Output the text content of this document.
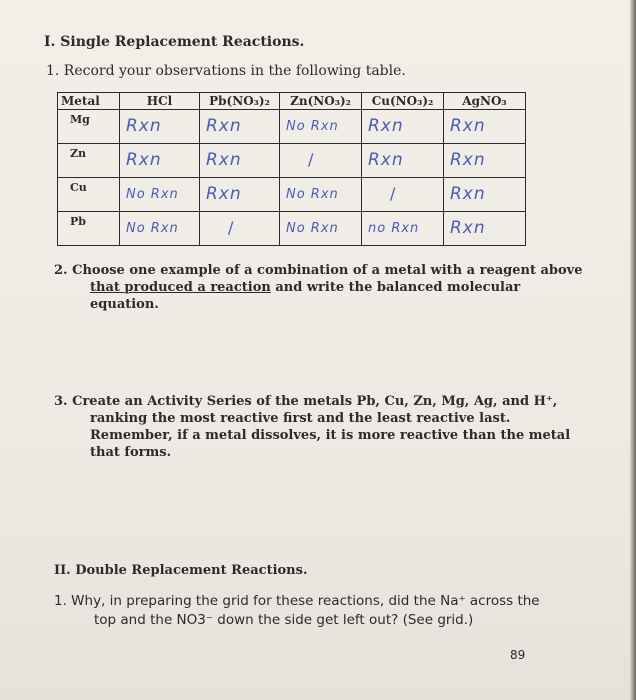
I. Single Replacement Reactions.
1. Record your observations in the following table.
Metal	HCl	Pb(NO₃)₂	Zn(NO₃)₂	Cu(NO₃)₂	AgNO₃
Mg	Rxn	Rxn	No Rxn	Rxn	Rxn

Zn	Rxn	Rxn	/	Rxn	Rxn

Cu	No Rxn	Rxn	No Rxn	/	Rxn

Pb	No Rxn	/	No Rxn	no Rxn	Rxn
2. Choose one example of a combination of a metal with a reagent above
that produced a reaction and write the balanced molecular
equation.
3. Create an Activity Series of the metals Pb, Cu, Zn, Mg, Ag, and H⁺,
ranking the most reactive first and the least reactive last.
Remember, if a metal dissolves, it is more reactive than the metal
that forms.
II. Double Replacement Reactions.
1. Why, in preparing the grid for these reactions, did the Na⁺ across the
top and the NO3⁻ down the side get left out? (See grid.)
89
